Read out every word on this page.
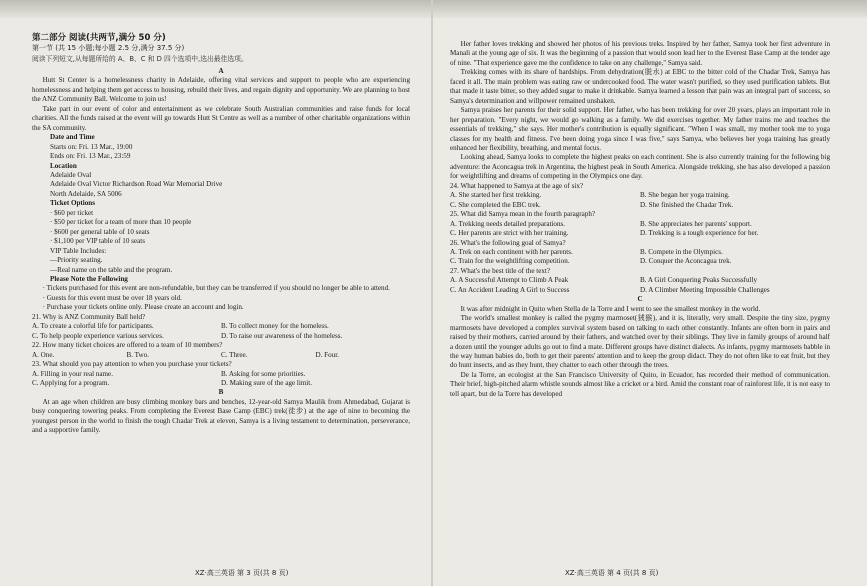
第二部分 阅读(共两节,满分 50 分)
第一节 (共 15 小题;每小题 2.5 分,满分 37.5 分)
阅读下列短文,从每题所给的 A、B、C 和 D 四个选项中,选出最佳选项。

A

Hutt St Center is a homelessness charity in Adelaide, offering vital services and support to people who are experiencing homelessness and helping them get access to housing, rebuild their lives, and regain dignity and opportunity. We are planning to host the ANZ Community Ball. Welcome to join us!

Take part in our event of color and entertainment as we celebrate South Australian communities and raise funds for local charities. All the funds raised at the event will go towards Hutt St Centre as well as a number of other charitable organizations within the SA community.

Date and Time

Starts on: Fri. 13 Mar., 19:00

Ends on: Fri. 13 Mar., 23:59

Location

Adelaide Oval

Adelaide Oval Victor Richardson Road War Memorial Drive

North Adelaide, SA 5006

Ticket Options

· $60 per ticket

· $50 per ticket for a team of more than 10 people

· $600 per general table of 10 seats

· $1,100 per VIP table of 10 seats

VIP Table Includes:

—Priority seating.

—Real name on the table and the program.

Please Note the Following

· Tickets purchased for this event are non-refundable, but they can be transferred if you should no longer be able to attend.

· Guests for this event must be over 18 years old.

· Purchase your tickets online only. Please create an account and login.

21. Why is ANZ Community Ball held?

A. To create a colorful life for participants.	B. To collect money for the homeless.
C. To help people experience various services.	D. To raise our awareness of the homeless.

22. How many ticket choices are offered to a team of 10 members?

A. One.	B. Two.	C. Three.	D. Four.

23. What should you pay attention to when you purchase your tickets?

A. Filling in your real name.	B. Asking for some priorities.
C. Applying for a program.	D. Making sure of the age limit.

B

At an age when children are busy climbing monkey bars and benches, 12-year-old Samya Maulik from Ahmedabad, Gujarat is busy conquering towering peaks. From completing the Everest Base Camp (EBC) trek(徒步) at the age of nine to becoming the youngest person in the world to finish the tough Chadar Trek at eleven, Samya is a living testament to determination, perseverance, and a supportive family.

Her father loves trekking and showed her photos of his previous treks. Inspired by her father, Samya took her first adventure in Manali at the young age of six. It was the beginning of a passion that would soon lead her to the Everest Base Camp at the tender age of nine. "That experience gave me the confidence to take on any challenge," Samya said.

Trekking comes with its share of hardships. From dehydration(脱水) at EBC to the bitter cold of the Chadar Trek, Samya has faced it all. The main problem was eating raw or undercooked food. The water wasn't purified, so they used purification tablets. But that made it taste bitter, so they added sugar to make it drinkable. Samya learned a lesson that pain was an integral part of success, so Samya's determination and willpower remained unshaken.

Samya praises her parents for their solid support. Her father, who has been trekking for over 20 years, plays an important role in her preparation. "Every night, we would go walking as a family. We did exercises together. My father trains me and teaches the essentials of trekking," she says. Her mother's contribution is equally significant. "When I was small, my mother took me to yoga classes for my health and fitness. I've been doing yoga since I was five," says Samya, who believes her yoga training has greatly enhanced her flexibility, breathing, and mental focus.

Looking ahead, Samya looks to complete the highest peaks on each continent. She is also currently training for the following big adventure: the Aconcagua trek in Argentina, the highest peak in South America. Alongside trekking, she has also developed a passion for weightlifting and dreams of competing in the Olympics one day.

24. What happened to Samya at the age of six?

A. She started her first trekking.	B. She began her yoga training.
C. She completed the EBC trek.	D. She finished the Chadar Trek.

25. What did Samya mean in the fourth paragraph?

A. Trekking needs detailed preparations.	B. She appreciates her parents' support.
C. Her parents are strict with her training.	D. Trekking is a tough experience for her.

26. What's the following goal of Samya?

A. Trek on each continent with her parents.	B. Compete in the Olympics.
C. Train for the weightlifting competition.	D. Conquer the Aconcagua trek.

27. What's the best title of the text?

A. A Successful Attempt to Climb A Peak	B. A Girl Conquering Peaks Successfully
C. An Accident Leading A Girl to Success	D. A Climber Meeting Impossible Challenges

C

It was after midnight in Quito when Stella de la Torre and I went to see the smallest monkey in the world.

The world's smallest monkey is called the pygmy marmoset(狨猴), and it is, literally, very small. Despite the tiny size, pygmy marmosets have developed a complex survival system based on talking to each other constantly. Infants are often born in pairs and raised by their mothers, carried around by their fathers, and watched over by their siblings. They live in family groups of around half a dozen until the younger adults go out to find a mate. Different groups have distinct dialects. As infants, pygmy marmosets babble in the way human babies do, both to get their parents' attention and to keep the group didact. They do not often like to eat fruit, but they do hunt insects, and as they hunt, they chatter to each other through the trees.

De la Torre, an ecologist at the San Francisco University of Quito, in Ecuador, has recorded their method of communication. Their brief, high-pitched alarm whistle sounds almost like a cricket or a bird. Amid the constant roar of rainforest life, it is not easy to tell apart, but de la Torre has developed

XZ·高三英语 第 3 页(共 8 页)	XZ·高三英语 第 4 页(共 8 页)
